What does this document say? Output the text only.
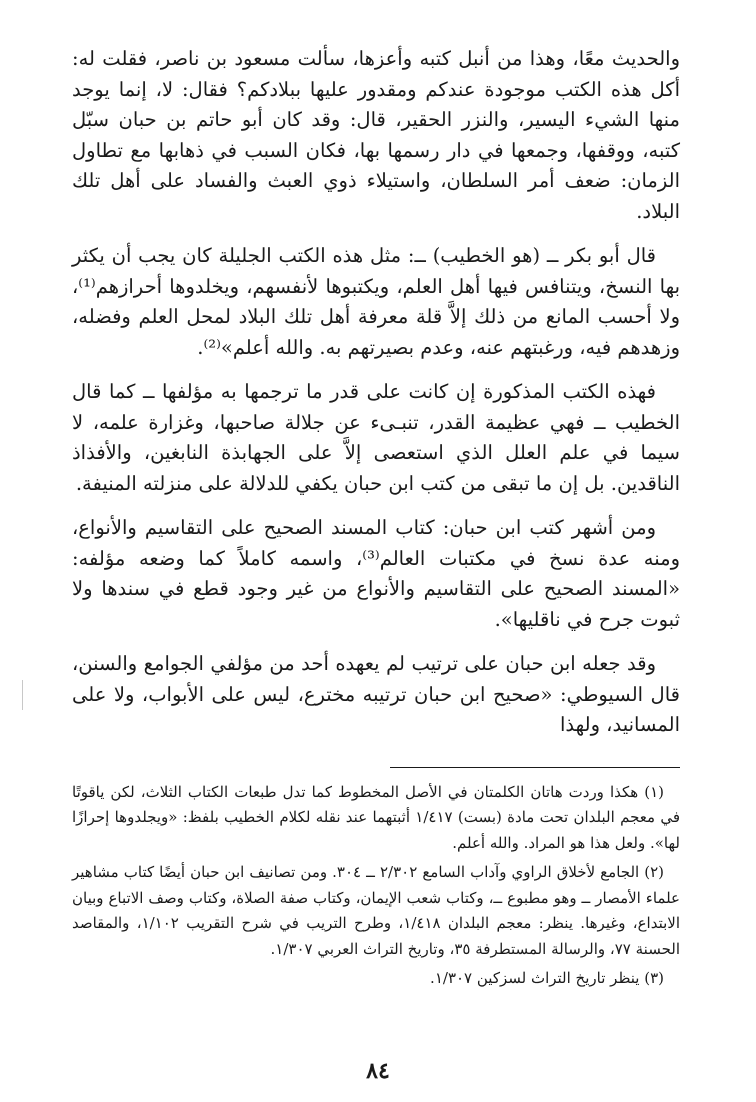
والحديث معًا، وهذا من أنبل كتبه وأعزها، سألت مسعود بن ناصر، فقلت له: أكل هذه الكتب موجودة عندكم ومقدور عليها ببلادكم؟ فقال: لا، إنما يوجد منها الشيء اليسير، والنزر الحقير، قال: وقد كان أبو حاتم بن حبان سبّل كتبه، ووقفها، وجمعها في دار رسمها بها، فكان السبب في ذهابها مع تطاول الزمان: ضعف أمر السلطان، واستيلاء ذوي العبث والفساد على أهل تلك البلاد.

قال أبو بكر ــ (هو الخطيب) ــ: مثل هذه الكتب الجليلة كان يجب أن يكثر بها النسخ، ويتنافس فيها أهل العلم، ويكتبوها لأنفسهم، ويخلدوها أحرازهم⁽¹⁾، ولا أحسب المانع من ذلك إلاَّ قلة معرفة أهل تلك البلاد لمحل العلم وفضله، وزهدهم فيه، ورغبتهم عنه، وعدم بصيرتهم به. والله أعلم»⁽²⁾.

فهذه الكتب المذكورة إن كانت على قدر ما ترجمها به مؤلفها ــ كما قال الخطيب ــ فهي عظيمة القدر، تنبـىء عن جلالة صاحبها، وغزارة علمه، لا سيما في علم العلل الذي استعصى إلاَّ على الجهابذة النابغين، والأفذاذ الناقدين. بل إن ما تبقى من كتب ابن حبان يكفي للدلالة على منزلته المنيفة.

ومن أشهر كتب ابن حبان: كتاب المسند الصحيح على التقاسيم والأنواع، ومنه عدة نسخ في مكتبات العالم⁽³⁾، واسمه كاملاً كما وضعه مؤلفه: «المسند الصحيح على التقاسيم والأنواع من غير وجود قطع في سندها ولا ثبوت جرح في ناقليها».

وقد جعله ابن حبان على ترتيب لم يعهده أحد من مؤلفي الجوامع والسنن، قال السيوطي: «صحيح ابن حبان ترتيبه مخترع، ليس على الأبواب، ولا على المسانيد، ولهذا

(١) هكذا وردت هاتان الكلمتان في الأصل المخطوط كما تدل طبعات الكتاب الثلاث، لكن ياقوتًا في معجم البلدان تحت مادة (بست) ١/٤١٧ أثبتهما عند نقله لكلام الخطيب بلفظ: «ويجلدوها إحرازًا لها». ولعل هذا هو المراد. والله أعلم.

(٢) الجامع لأخلاق الراوي وآداب السامع ٢/٣٠٢ ــ ٣٠٤. ومن تصانيف ابن حبان أيضًا كتاب مشاهير علماء الأمصار ــ وهو مطبوع ــ، وكتاب شعب الإيمان، وكتاب صفة الصلاة، وكتاب وصف الاتباع وبيان الابتداع، وغيرها. ينظر: معجم البلدان ١/٤١٨، وطرح التريب في شرح التقريب ١/١٠٢، والمقاصد الحسنة ٧٧، والرسالة المستطرفة ٣٥، وتاريخ التراث العربي ١/٣٠٧.

(٣) ينظر تاريخ التراث لسزكين ١/٣٠٧.

٨٤
